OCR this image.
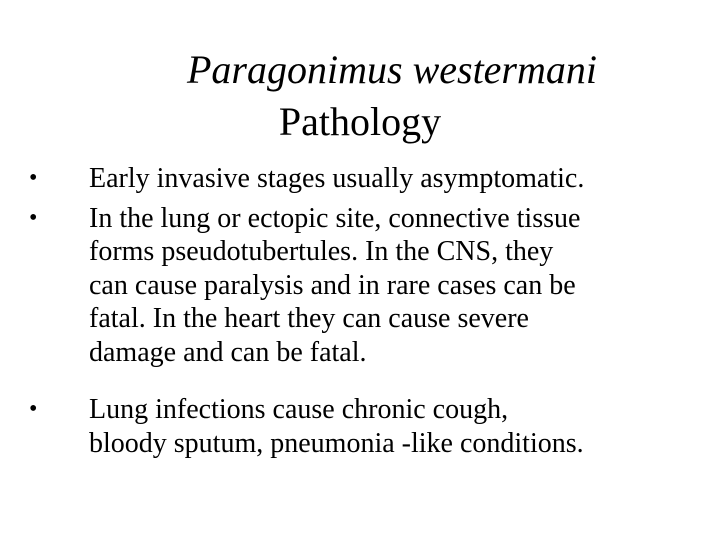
Paragonimus westermani
Pathology
•	Early invasive stages usually asymptomatic.
•	In the lung or ectopic site, connective tissue
forms pseudotubertules. In the CNS, they
can cause paralysis and in rare cases can be
fatal. In the heart they can cause severe
damage and can be fatal.
•	Lung infections cause chronic cough,
bloody sputum, pneumonia -like conditions.
